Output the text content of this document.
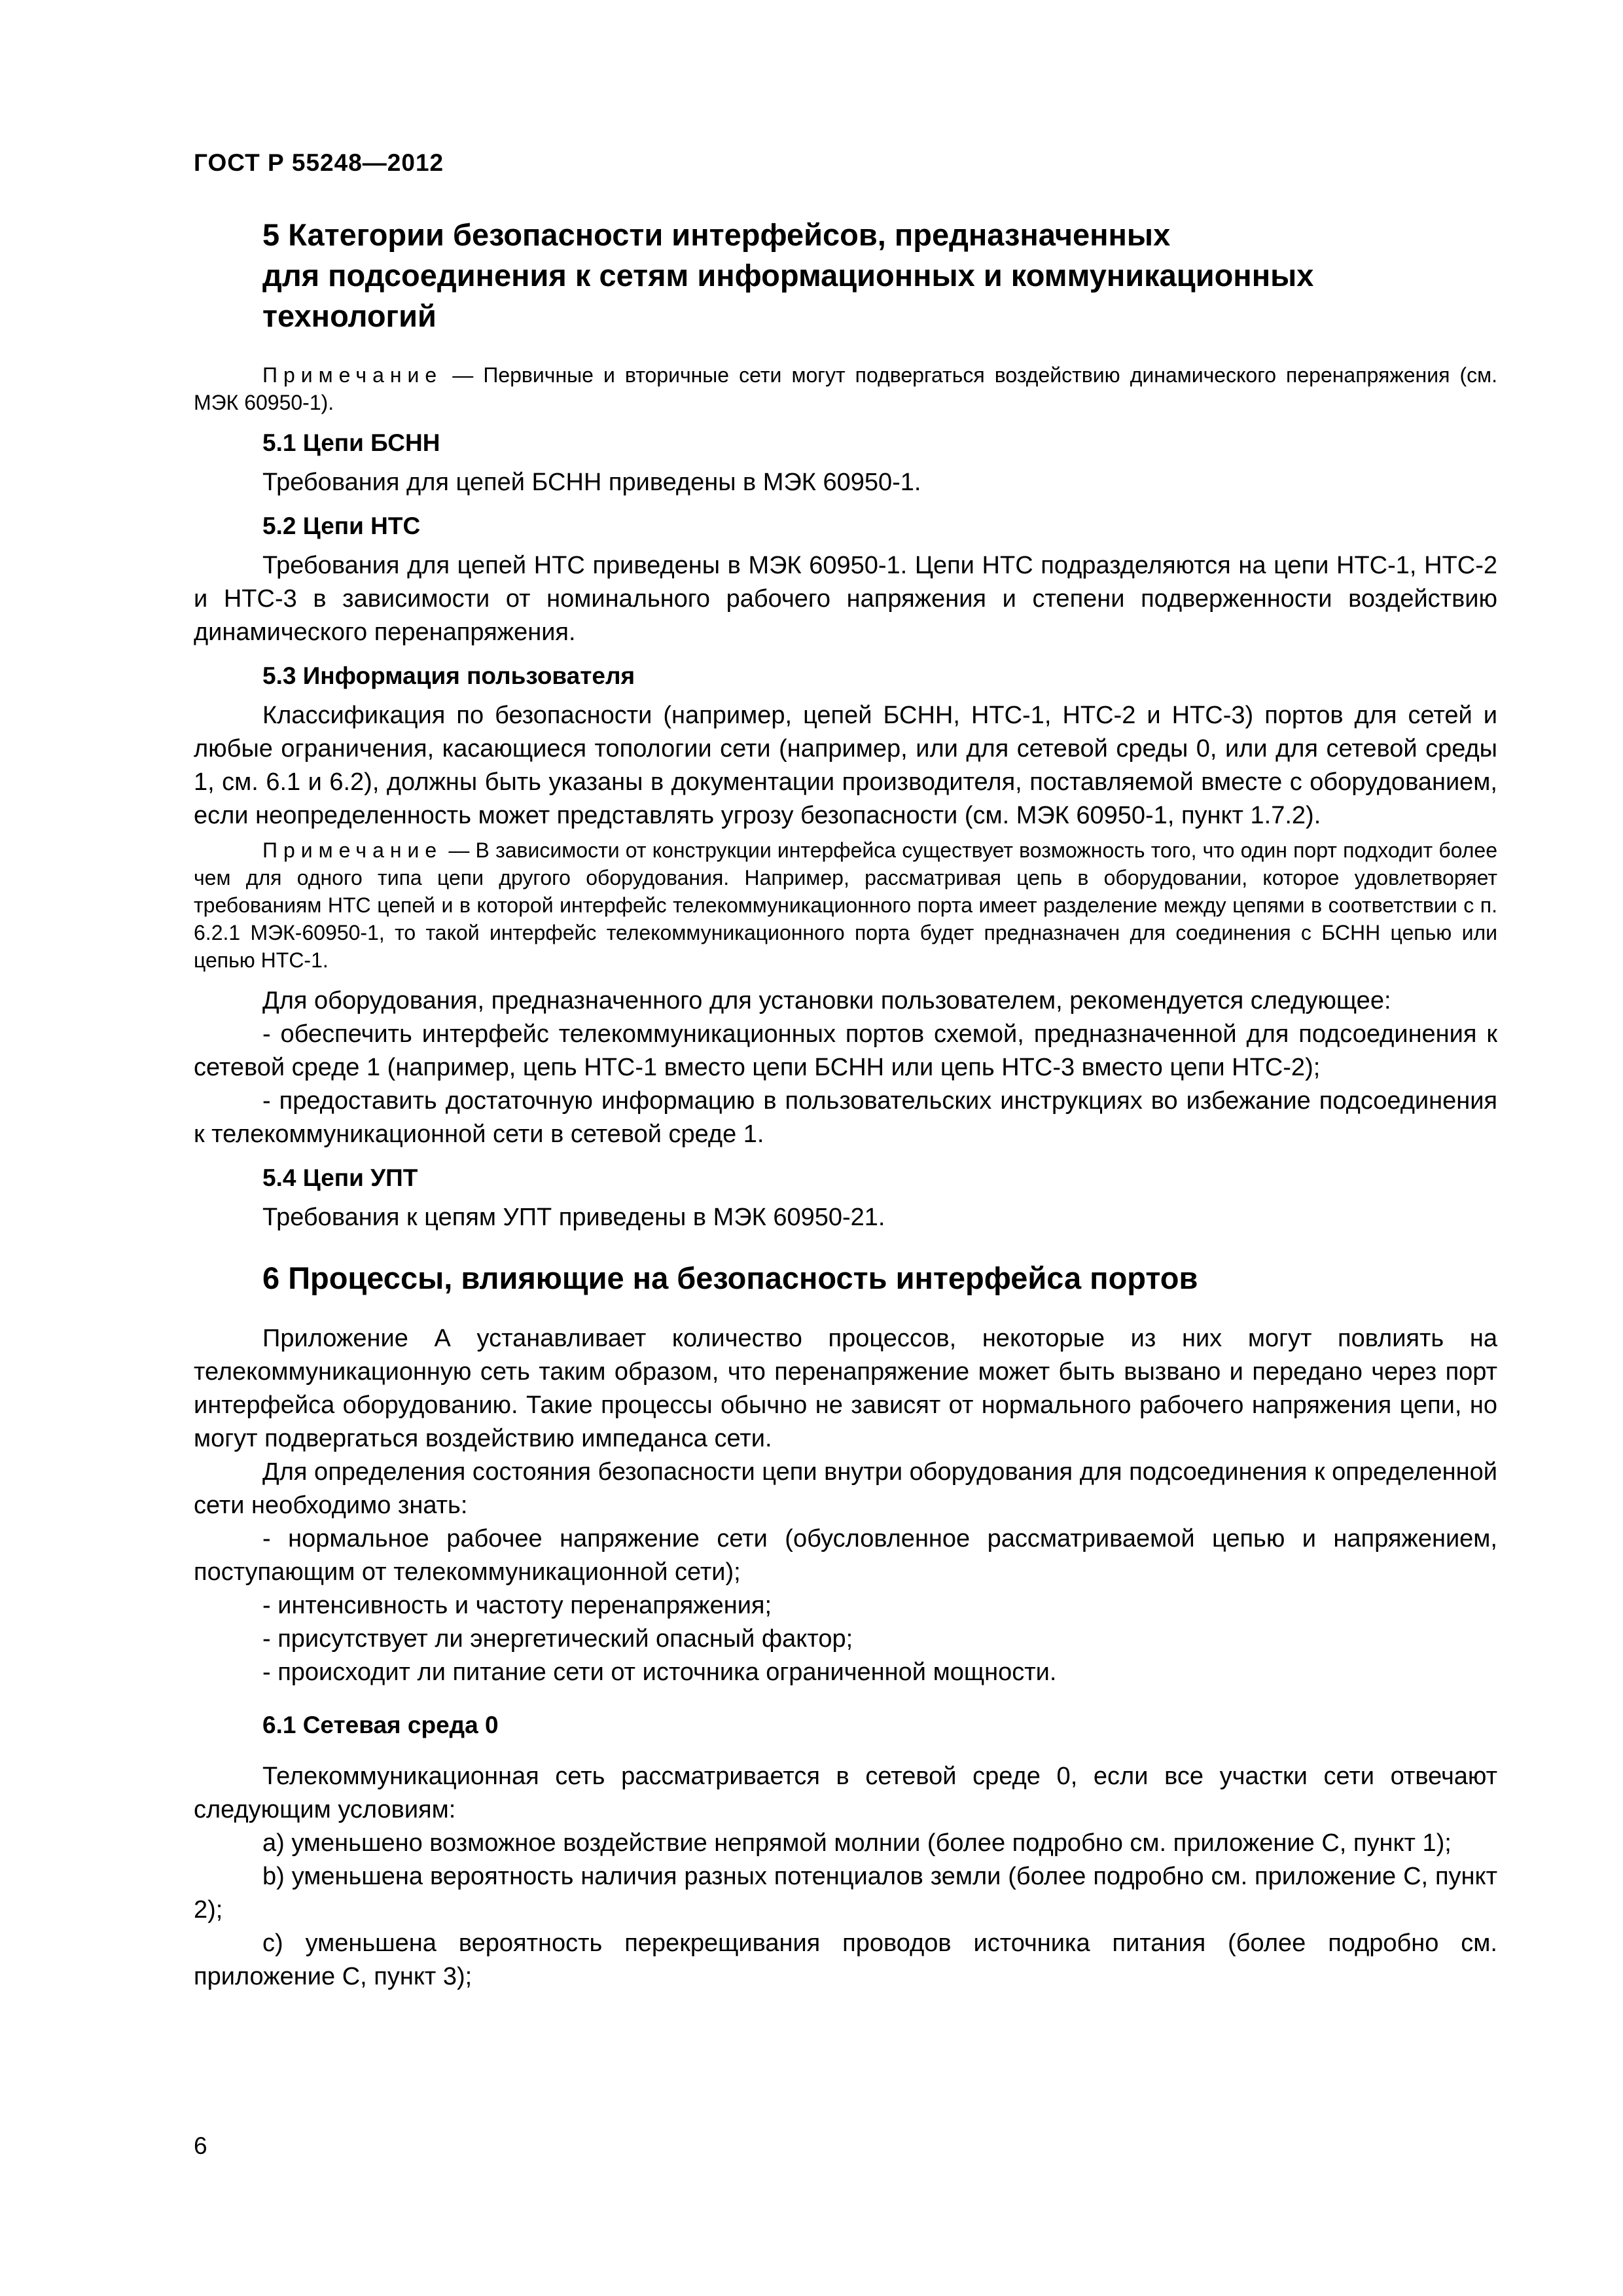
ГОСТ Р 55248—2012
5 Категории безопасности интерфейсов, предназначенных
для подсоединения к сетям информационных и коммуникационных
технологий
Примечание — Первичные и вторичные сети могут подвергаться воздействию динамического перенапряжения (см. МЭК 60950-1).
5.1 Цепи БСНН

Требования для цепей БСНН приведены в МЭК 60950-1.

5.2 Цепи НТС

Требования для цепей НТС приведены в МЭК 60950-1. Цепи НТС подразделяются на цепи НТС-1, НТС-2 и НТС-3 в зависимости от номинального рабочего напряжения и степени подверженности воздействию динамического перенапряжения.

5.3 Информация пользователя

Классификация по безопасности (например, цепей БСНН, НТС-1, НТС-2 и НТС-3) портов для сетей и любые ограничения, касающиеся топологии сети (например, или для сетевой среды 0, или для сетевой среды 1, см. 6.1 и 6.2), должны быть указаны в документации производителя, поставляемой вместе с оборудованием, если неопределенность может представлять угрозу безопасности (см. МЭК 60950-1, пункт 1.7.2).

Примечание — В зависимости от конструкции интерфейса существует возможность того, что один порт подходит более чем для одного типа цепи другого оборудования. Например, рассматривая цепь в оборудовании, которое удовлетворяет требованиям НТС цепей и в которой интерфейс телекоммуникационного порта имеет разделение между цепями в соответствии с п. 6.2.1 МЭК-60950-1, то такой интерфейс телекоммуникационного порта будет предназначен для соединения с БСНН цепью или цепью НТС-1.

Для оборудования, предназначенного для установки пользователем, рекомендуется следующее:

- обеспечить интерфейс телекоммуникационных портов схемой, предназначенной для подсоединения к сетевой среде 1 (например, цепь НТС-1 вместо цепи БСНН или цепь НТС-3 вместо цепи НТС-2);

- предоставить достаточную информацию в пользовательских инструкциях во избежание подсоединения к телекоммуникационной сети в сетевой среде 1.

5.4 Цепи УПТ

Требования к цепям УПТ приведены в МЭК 60950-21.

6 Процессы, влияющие на безопасность интерфейса портов

Приложение А устанавливает количество процессов, некоторые из них могут повлиять на телекоммуникационную сеть таким образом, что перенапряжение может быть вызвано и передано через порт интерфейса оборудованию. Такие процессы обычно не зависят от нормального рабочего напряжения цепи, но могут подвергаться воздействию импеданса сети.

Для определения состояния безопасности цепи внутри оборудования для подсоединения к определенной сети необходимо знать:

- нормальное рабочее напряжение сети (обусловленное рассматриваемой цепью и напряжением, поступающим от телекоммуникационной сети);

- интенсивность и частоту перенапряжения;

- присутствует ли энергетический опасный фактор;

- происходит ли питание сети от источника ограниченной мощности.

6.1 Сетевая среда 0

Телекоммуникационная сеть рассматривается в сетевой среде 0, если все участки сети отвечают следующим условиям:

а) уменьшено возможное воздействие непрямой молнии (более подробно см. приложение С, пункт 1);

b) уменьшена вероятность наличия разных потенциалов земли (более подробно см. приложение С, пункт 2);

с) уменьшена вероятность перекрещивания проводов источника питания (более подробно см. приложение С, пункт 3);

6
